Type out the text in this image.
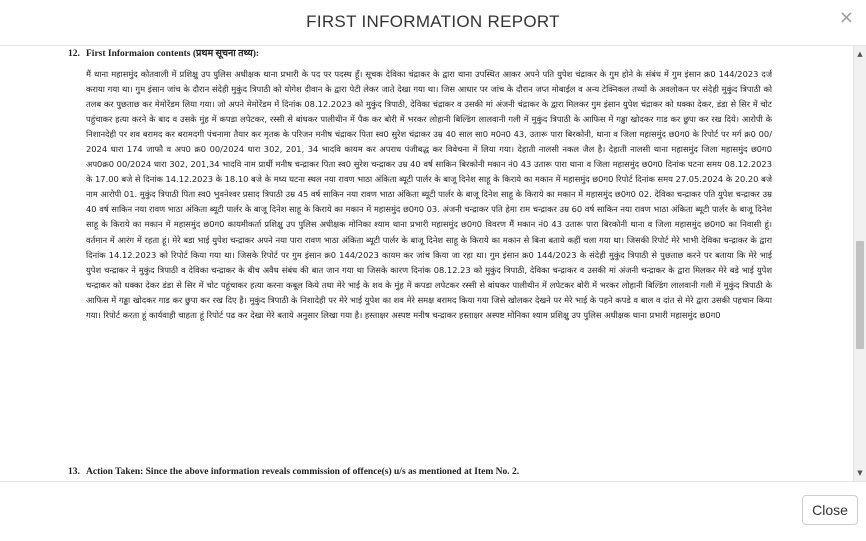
FIRST INFORMATION REPORT	×
12. First Informaion contents (प्रथम सूचना तथ्य):
मैं थाना महासमुंद कोतवाली में प्रशिक्षु उप पुलिस अधीक्षक थाना प्रभारी के पद पर पदस्थ हूँ। सूचक देविका चंद्राकर के द्वारा थाना उपस्थित आकर अपने पति युपेश चंद्राकर के गुम होने के संबंध में गुम इंसान क्र0 144/2023 दर्ज कराया गया था। गुम इंसान जांच के दौरान संदेही मुकुंद त्रिपाठी को योगेश दीवान के द्वारा पेटी लेकर जाते देखा गया था। जिस आधार पर जांच के दौरान जप्त मोबाईल व अन्य टेक्निकल तथ्यों के अवलोकन पर संदेही मुकुंद त्रिपाठी को तलब कर पुछताछ कर मेमोरेंडम लिया गया। जो अपने मेमोरेंडम में दिनांक 08.12.2023 को मुकुंद त्रिपाठी, देविका चंद्राकर व उसकी मां अंजनी चंद्राकर के द्वारा मिलकर गुम इंसान युपेश चंद्राकर को धक्का देकर, डंडा से सिर में चोट पहुंचाकर हत्या करने के बाद व उसके मुंह में कपडा लपेटकर, रस्सी से बांधकर पालीथीन में पैक कर बोरी में भरकर लोहानी बिल्डिंग लालवानी गली में मुकुंद त्रिपाठी के आफिस में गड्ढा खोदकर गाड कर छुपा कर रख दिये। आरोपी के निशानदेही पर शव बरामद कर बरामदगी पंचनामा तैयार कर मृतक के परिजन मनीष चंद्राकर पिता स्व0 सुरेश चंद्राकर उम्र 40 साल सा0 म0न0 43, उतारू पारा बिरकोनी, थाना व जिला महासमुंद छ0ग0 के रिपोर्ट पर मर्ग क्र0 00/ 2024 धारा 174 जाफौ व अप0 क्र0 00/2024 धारा 302, 201, 34 भादवि कायम कर अपराध पंजीबद्ध कर विवेचना में लिया गया। देहाती नालसी नकल जैल है। देहाती नालसी थाना महासमुंद जिला महासमुंद छ0ग0 अप0क्र0 00/2024 धारा 302, 201,34 भादवि नाम प्रार्थी मनीष चन्द्राकर पिता स्व0 सुरेश चन्द्राकर उम्र 40 वर्ष साकिन बिरकोनी मकान नं0 43 उतारू पारा थाना व जिला महासमुंद छ0ग0 दिनांक घटना समय 08.12.2023 के 17.00 बजे से दिनांक 14.12.2023 के 18.10 बजे के मध्य घटना स्थल नया रावण भाठा अंकिता ब्यूटी पार्लर के बाजू दिनेश साहू के किराये का मकान में महासमुंद छ0ग0 रिपोर्ट दिनांक समय 27.05.2024 के 20.20 बजे नाम आरोपी 01. मुकुंद त्रिपाठी पिता स्व0 भुवनेश्वर प्रसाद त्रिपाठी उम्र 45 वर्ष साकिन नया रावण भाठा अंकिता ब्यूटी पार्लर के बाजू दिनेश साहू के किराये का मकान में महासमुंद छ0ग0 02. देविका चन्द्राकर पति युपेश चन्द्राकर उम्र 40 वर्ष साकिन नया रावण भाठा अंकिता ब्यूटी पार्लर के बाजू दिनेश साहू के किराये का मकान में महासमुंद छ0ग0 03. अंजनी चन्द्राकर पति हेमा राम चन्द्राकर उम्र 60 वर्ष साकिन नया रावण भाठा अंकिता ब्यूटी पार्लर के बाजू दिनेश साहू के किराये का मकान में महासमुंद छ0ग0 कायमीकर्ता प्रशिक्षु उप पुलिस अधीक्षक मोनिका श्याम थाना प्रभारी महासमुंद छ0ग0 विवरण मैं मकान नं0 43 उतारू पारा बिरकोनी थाना व जिला महासमुंद छ0ग0 का निवासी हूं। वर्तमान में आरंग में रहता हूं। मेरे बडा भाई युपेश चन्द्राकर अपने नया पारा रावण भाठा अंकिता ब्यूटी पार्लर के बाजू दिनेश साहू के किराये का मकान से बिना बताये कहीं चला गया था। जिसकी रिपोर्ट मेरे भाभी देविका चन्द्राकर के द्वारा दिनांक 14.12.2023 को रिपोर्ट किया गया था। जिसके रिपोर्ट पर गुम इंसान क्र0 144/2023 कायम कर जांच किया जा रहा था। गुम इंसान क्र0 144/2023 के संदेही मुकुंद त्रिपाठी से पुछताछ करने पर बताया कि मेरे भाई युपेश चन्द्राकर ने मुकुंद त्रिपाठी व देविका चन्द्राकर के बीच अवैध संबंध की बात जान गया था जिसके कारण दिनांक 08.12.23 को मुकुंद त्रिपाठी, देविका चन्द्राकर व उसकी मां अंजनी चन्द्राकर के द्वारा मिलकर मेरे बडे भाई युपेश चन्द्राकर को धक्का देकर डंडा से सिर में चोट पहुंचाकर हत्या करना कबूल किये तथा मेरे भाई के शव के मुंह में कपडा लपेटकर रस्सी से बांधकर पालीथीन में लपेटकर बोरी में भरकर लोहानी बिल्डिंग लालवानी गली में मुकुंद त्रिपाठी के आफिस में गड्ढा खोदकर गाड कर छुपा कर रख दिए है। मुकुंद त्रिपाठी के निशादेही पर मेरे भाई युपेश का शव मेरे समक्ष बरामद किया गया जिसे खोलकर देखने पर मेरे भाई के पहने कपडे व बाल व दांत से मेरे द्वारा उसकी पहचान किया गया। रिपोर्ट करता हूं कार्यवाही चाहता हूं रिपोर्ट पढ कर देखा मेरे बताये अनुसार लिखा गया है। हस्ताक्षर अस्पष्ट मनीष चन्द्राकर हस्ताक्षर अस्पष्ट मोनिका श्याम प्रशिक्षु उप पुलिस अधीक्षक थाना प्रभारी महासमुंद छ0ग0
13. Action Taken: Since the above information reveals commission of offence(s) u/s as mentioned at Item No. 2.
▲
▼
Close
